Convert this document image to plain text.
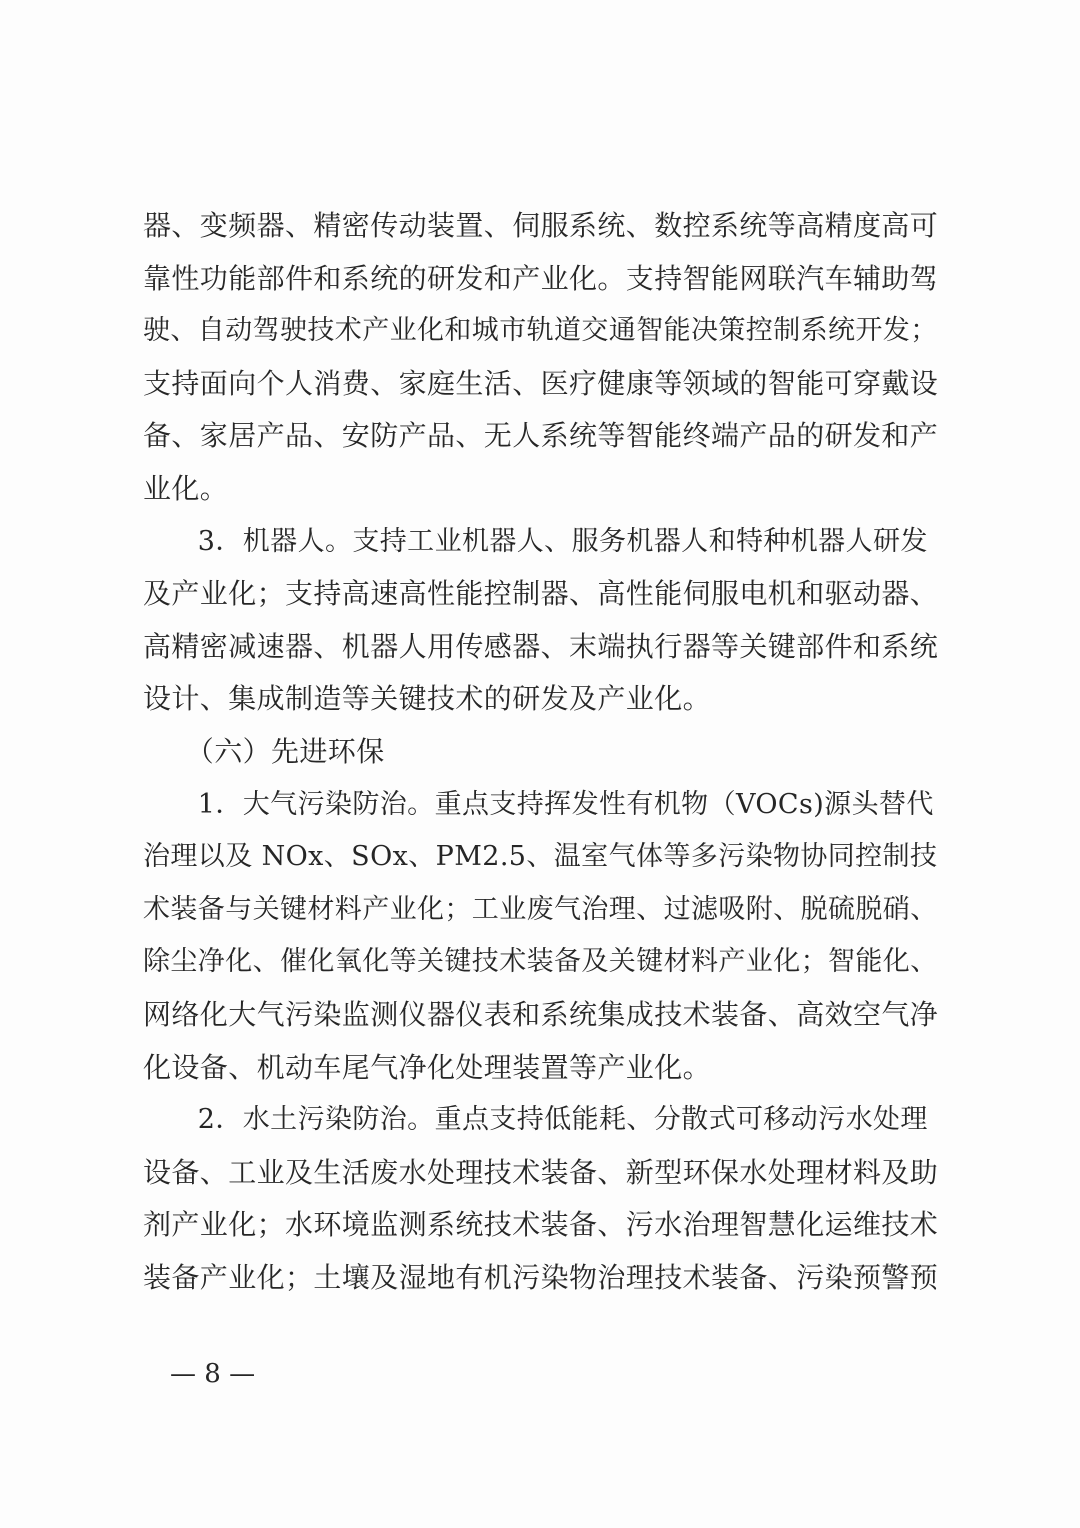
器、变频器、精密传动装置、伺服系统、数控系统等高精度高可
靠性功能部件和系统的研发和产业化。支持智能网联汽车辅助驾
驶、自动驾驶技术产业化和城市轨道交通智能决策控制系统开发；
支持面向个人消费、家庭生活、医疗健康等领域的智能可穿戴设
备、家居产品、安防产品、无人系统等智能终端产品的研发和产
业化。
　　3．机器人。支持工业机器人、服务机器人和特种机器人研发
及产业化；支持高速高性能控制器、高性能伺服电机和驱动器、
高精密减速器、机器人用传感器、末端执行器等关键部件和系统
设计、集成制造等关键技术的研发及产业化。
　　（六）先进环保
　　1．大气污染防治。重点支持挥发性有机物（VOCs)源头替代
治理以及 NOx、SOx、PM2.5、温室气体等多污染物协同控制技
术装备与关键材料产业化；工业废气治理、过滤吸附、脱硫脱硝、
除尘净化、催化氧化等关键技术装备及关键材料产业化；智能化、
网络化大气污染监测仪器仪表和系统集成技术装备、高效空气净
化设备、机动车尾气净化处理装置等产业化。
　　2．水土污染防治。重点支持低能耗、分散式可移动污水处理
设备、工业及生活废水处理技术装备、新型环保水处理材料及助
剂产业化；水环境监测系统技术装备、污水治理智慧化运维技术
装备产业化；土壤及湿地有机污染物治理技术装备、污染预警预
— 8 —
